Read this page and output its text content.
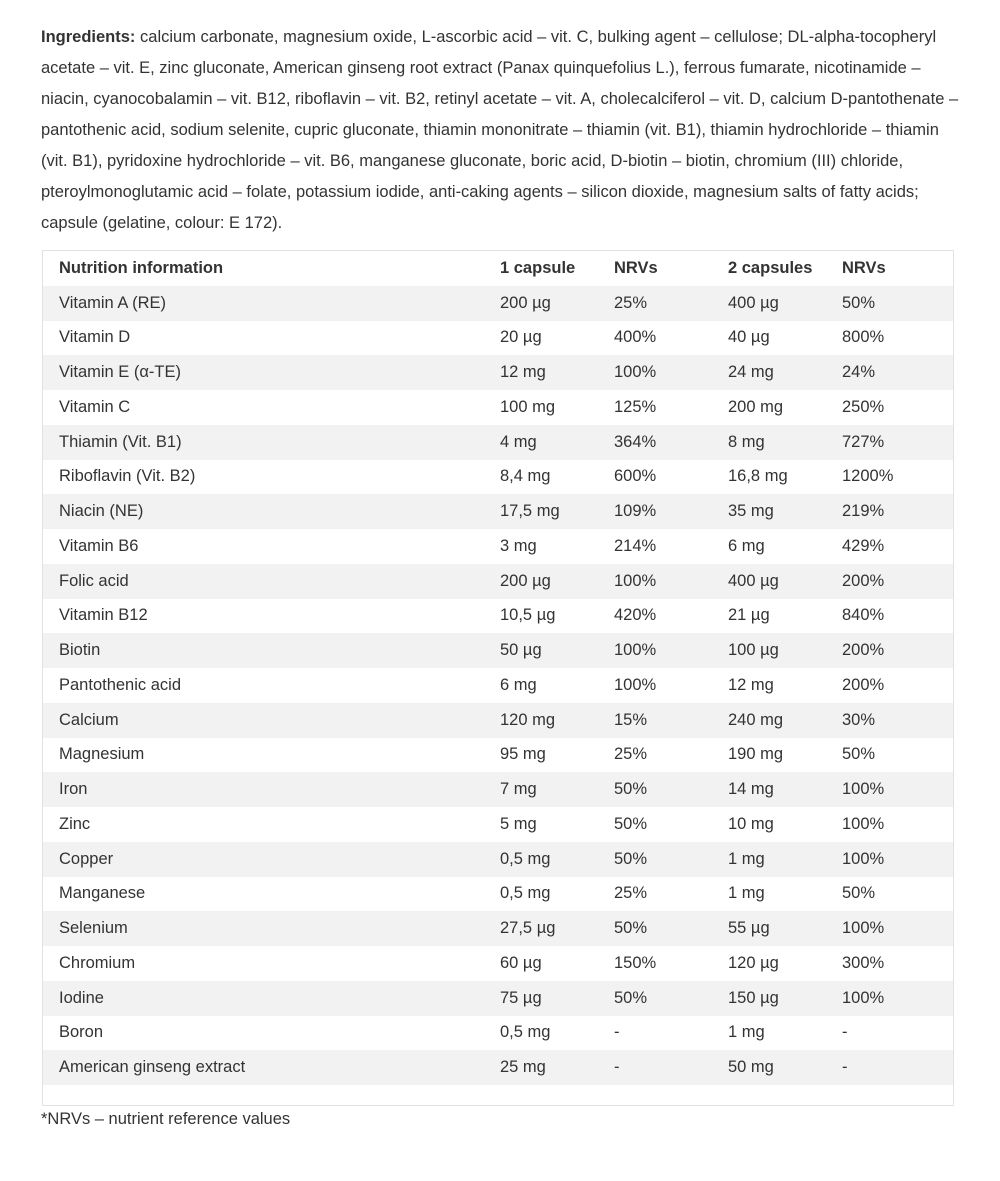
Ingredients: calcium carbonate, magnesium oxide, L-ascorbic acid – vit. C, bulking agent – cellulose; DL-alpha-tocopheryl acetate – vit. E, zinc gluconate, American ginseng root extract (Panax quinquefolius L.), ferrous fumarate, nicotinamide – niacin, cyanocobalamin – vit. B12, riboflavin – vit. B2, retinyl acetate – vit. A, cholecalciferol – vit. D, calcium D-pantothenate – pantothenic acid, sodium selenite, cupric gluconate, thiamin mononitrate – thiamin (vit. B1), thiamin hydrochloride – thiamin (vit. B1), pyridoxine hydrochloride – vit. B6, manganese gluconate, boric acid, D-biotin – biotin, chromium (III) chloride, pteroylmonoglutamic acid – folate, potassium iodide, anti-caking agents – silicon dioxide, magnesium salts of fatty acids; capsule (gelatine, colour: E 172).

Nutrition information	1 capsule	NRVs	2 capsules	NRVs
Vitamin A (RE)	200 µg	25%	400 µg	50%
Vitamin D	20 µg	400%	40 µg	800%
Vitamin E (α-TE)	12 mg	100%	24 mg	24%
Vitamin C	100 mg	125%	200 mg	250%
Thiamin (Vit. B1)	4 mg	364%	8 mg	727%
Riboflavin (Vit. B2)	8,4 mg	600%	16,8 mg	1200%
Niacin (NE)	17,5 mg	109%	35 mg	219%
Vitamin B6	3 mg	214%	6 mg	429%
Folic acid	200 µg	100%	400 µg	200%
Vitamin B12	10,5 µg	420%	21 µg	840%
Biotin	50 µg	100%	100 µg	200%
Pantothenic acid	6 mg	100%	12 mg	200%
Calcium	120 mg	15%	240 mg	30%
Magnesium	95 mg	25%	190 mg	50%
Iron	7 mg	50%	14 mg	100%
Zinc	5 mg	50%	10 mg	100%
Copper	0,5 mg	50%	1 mg	100%
Manganese	0,5 mg	25%	1 mg	50%
Selenium	27,5 µg	50%	55 µg	100%
Chromium	60 µg	150%	120 µg	300%
Iodine	75 µg	50%	150 µg	100%
Boron	0,5 mg	-	1 mg	-
American ginseng extract	25 mg	-	50 mg	-

*NRVs – nutrient reference values
